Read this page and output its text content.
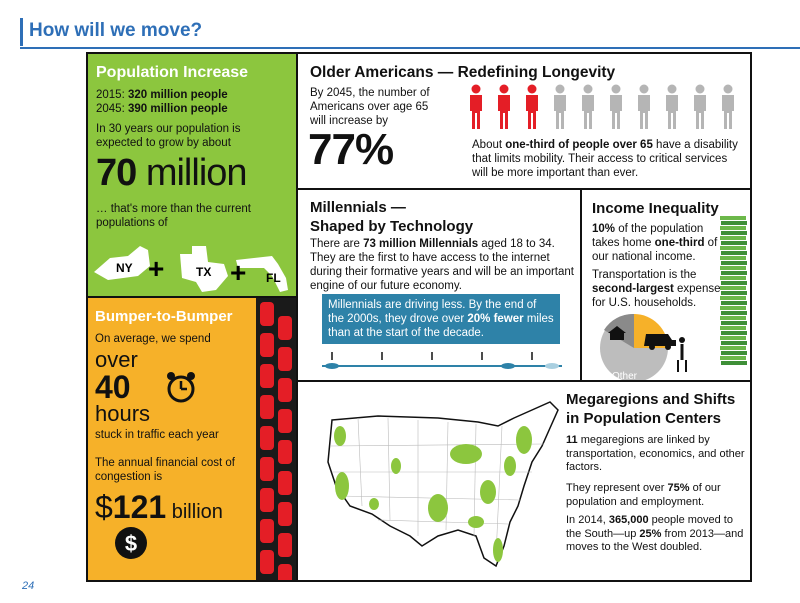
How will we move?
Population Increase
2015: 320 million people
2045: 390 million people
In 30 years our population is expected to grow by about
70 million
… that's more than the current populations of
NY	TX	FL
+ +
Bumper-to-Bumper
On average, we spend
over
40
hours
stuck in traffic each year
The annual financial cost of congestion is
$121 billion
$
Older Americans — Redefining Longevity
By 2045, the number of Americans over age 65 will increase by
77%	About one-third of people over 65 have a disability that limits mobility. Their access to critical services will be more important than ever.
Millennials —
Shaped by Technology
There are 73 million Millennials aged 18 to 34. They are the first to have access to the internet during their formative years and will be an important engine of our future economy.
Millennials are driving less. By the end of the 2000s, they drove over 20% fewer miles than at the start of the decade.
Income Inequality
10% of the population takes home one-third of our national income.
Transportation is the second-largest expense for U.S. households.
Other
Megaregions and Shifts
in Population Centers
11 megaregions are linked by transportation, economics, and other factors.
They represent over 75% of our population and employment.
In 2014, 365,000 people moved to the South—up 25% from 2013—and moves to the West doubled.
24
